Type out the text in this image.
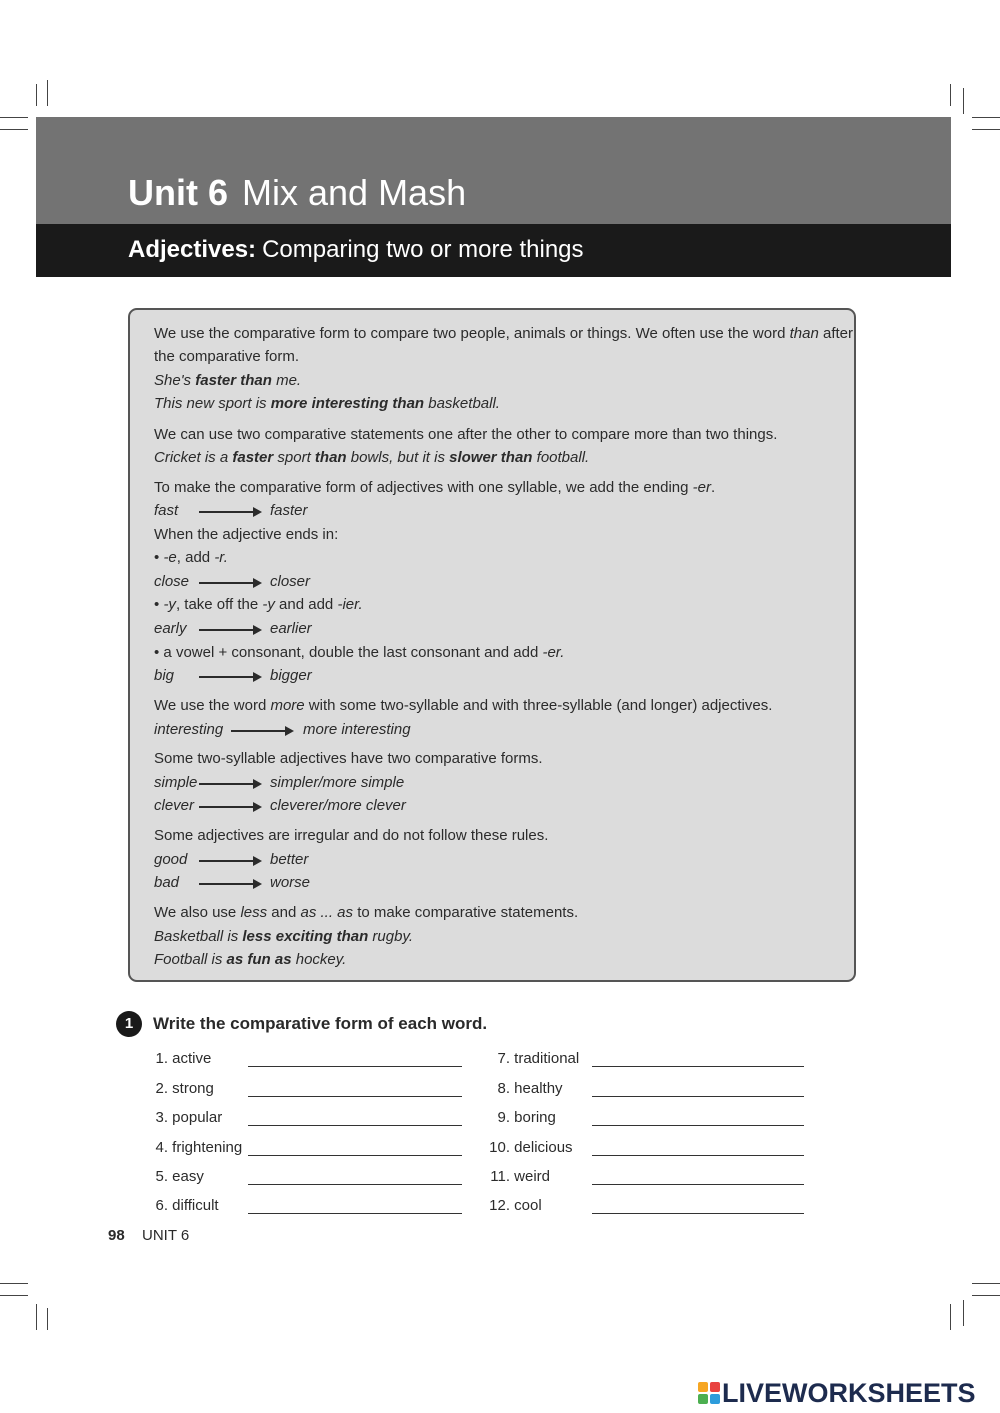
Unit 6 Mix and Mash
Adjectives: Comparing two or more things
We use the comparative form to compare two people, animals or things. We often use the word than after
the comparative form.
She's faster than me.
This new sport is more interesting than basketball.
We can use two comparative statements one after the other to compare more than two things.
Cricket is a faster sport than bowls, but it is slower than football.
To make the comparative form of adjectives with one syllable, we add the ending -er.
fast	faster
When the adjective ends in:
• -e, add -r.
close	closer
• -y, take off the -y and add -ier.
early	earlier
• a vowel + consonant, double the last consonant and add -er.
big	bigger
We use the word more with some two-syllable and with three-syllable (and longer) adjectives.
interesting	more interesting
Some two-syllable adjectives have two comparative forms.
simple	simpler/more simple
clever	cleverer/more clever
Some adjectives are irregular and do not follow these rules.
good	better
bad	worse
We also use less and as ... as to make comparative statements.
Basketball is less exciting than rugby.
Football is as fun as hockey.
1	Write the comparative form of each word.
1. active
2. strong
3. popular
4. frightening
5. easy
6. difficult
7. traditional
8. healthy
9. boring
10. delicious
11. weird
12. cool
98 UNIT 6
LIVEWORKSHEETS
